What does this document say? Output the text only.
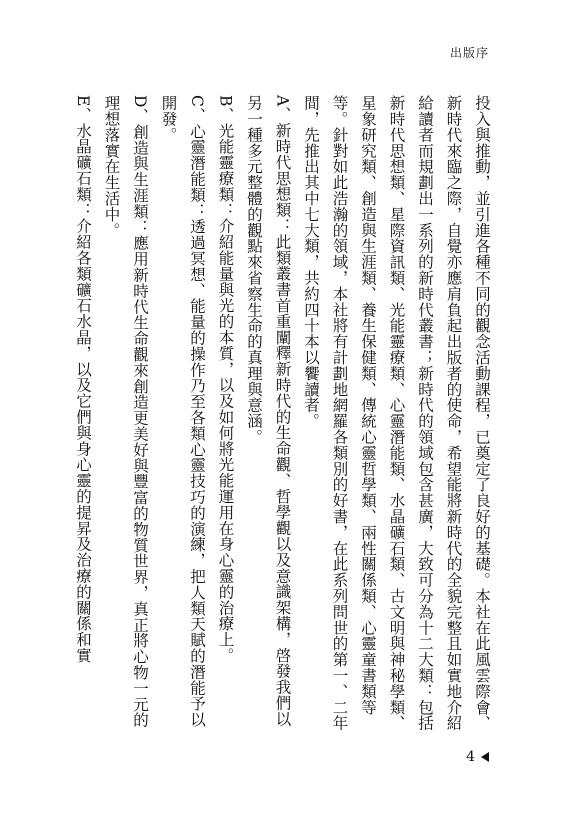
出版序

投入與推動，並引進各種不同的觀念活動課程，已奠定了良好的基礎。本社在此風雲際會、新時代來臨之際，自覺亦應肩負起出版者的使命，希望能將新時代的全貌完整且如實地介紹給讀者而規劃出一系列的新時代叢書；新時代的領域包含甚廣，大致可分為十二大類：包括新時代思想類、星際資訊類、光能靈療類、心靈潛能類、水晶礦石類、古文明與神秘學類、星象研究類、創造與生涯類、養生保健類、傳統心靈哲學類、兩性關係類、心靈童書類等等。針對如此浩瀚的領域，本社將有計劃地網羅各類別的好書，在此系列問世的第一、二年間，先推出其中七大類，共約四十本以饗讀者。

A、新時代思想類：此類叢書首重闡釋新時代的生命觀、哲學觀以及意識架構，啓發我們以另一種多元整體的觀點來省察生命的真理與意涵。

B、光能靈療類：介紹能量與光的本質，以及如何將光能運用在身心靈的治療上。

C、心靈潛能類：透過冥想、能量的操作乃至各類心靈技巧的演練，把人類天賦的潛能予以開發。

D、創造與生涯類：應用新時代生命觀來創造更美好與豐富的物質世界，真正將心物一元的理想落實在生活中。

E、水晶礦石類：介紹各類礦石水晶，以及它們與身心靈的提昇及治療的關係和實

4
